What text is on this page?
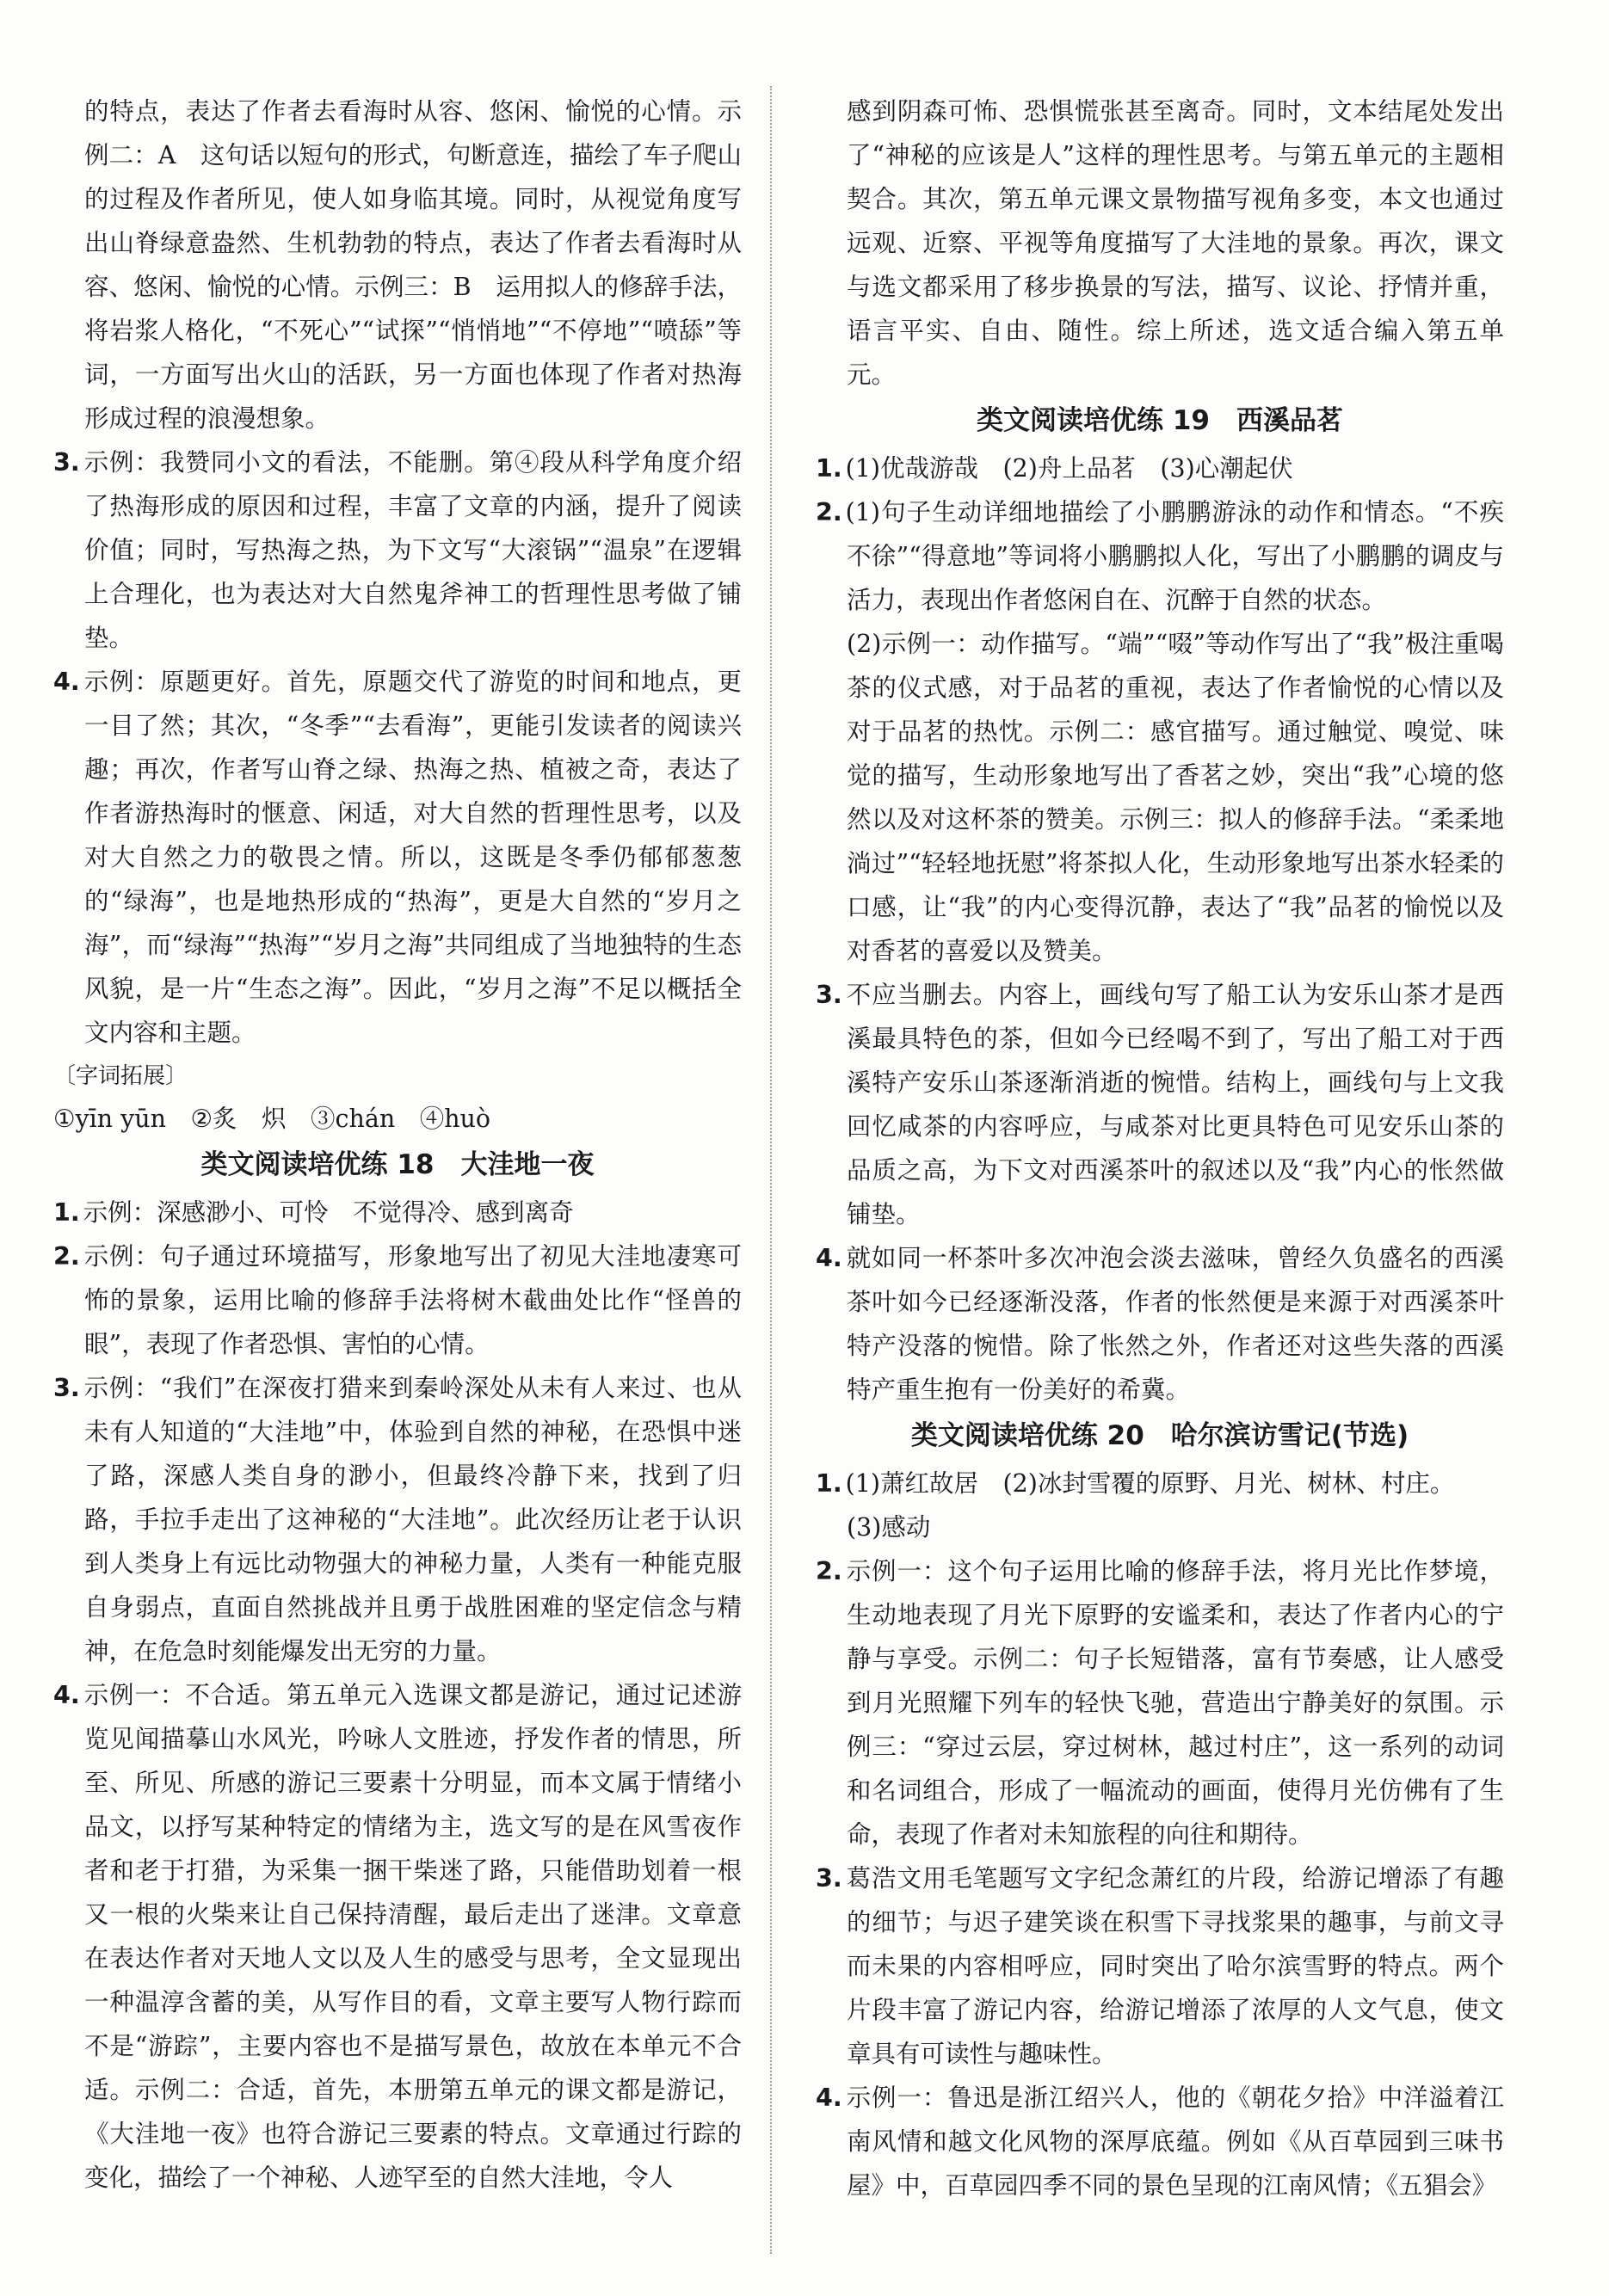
的特点，表达了作者去看海时从容、悠闲、愉悦的心情。示例二：A　这句话以短句的形式，句断意连，描绘了车子爬山的过程及作者所见，使人如身临其境。同时，从视觉角度写出山脊绿意盎然、生机勃勃的特点，表达了作者去看海时从容、悠闲、愉悦的心情。示例三：B　运用拟人的修辞手法，将岩浆人格化，“不死心”“试探”“悄悄地”“不停地”“喷舔”等词，一方面写出火山的活跃，另一方面也体现了作者对热海形成过程的浪漫想象。

3. 示例：我赞同小文的看法，不能删。第④段从科学角度介绍了热海形成的原因和过程，丰富了文章的内涵，提升了阅读价值；同时，写热海之热，为下文写“大滚锅”“温泉”在逻辑上合理化，也为表达对大自然鬼斧神工的哲理性思考做了铺垫。

4. 示例：原题更好。首先，原题交代了游览的时间和地点，更一目了然；其次，“冬季”“去看海”，更能引发读者的阅读兴趣；再次，作者写山脊之绿、热海之热、植被之奇，表达了作者游热海时的惬意、闲适，对大自然的哲理性思考，以及对大自然之力的敬畏之情。所以，这既是冬季仍郁郁葱葱的“绿海”，也是地热形成的“热海”，更是大自然的“岁月之海”，而“绿海”“热海”“岁月之海”共同组成了当地独特的生态风貌，是一片“生态之海”。因此，“岁月之海”不足以概括全文内容和主题。

〔字词拓展〕

①yīn yūn　②炙　炽　③chán　④huò

类文阅读培优练 18　大洼地一夜

1. 示例：深感渺小、可怜　不觉得冷、感到离奇

2. 示例：句子通过环境描写，形象地写出了初见大洼地凄寒可怖的景象，运用比喻的修辞手法将树木截曲处比作“怪兽的眼”，表现了作者恐惧、害怕的心情。

3. 示例：“我们”在深夜打猎来到秦岭深处从未有人来过、也从未有人知道的“大洼地”中，体验到自然的神秘，在恐惧中迷了路，深感人类自身的渺小，但最终冷静下来，找到了归路，手拉手走出了这神秘的“大洼地”。此次经历让老于认识到人类身上有远比动物强大的神秘力量，人类有一种能克服自身弱点，直面自然挑战并且勇于战胜困难的坚定信念与精神，在危急时刻能爆发出无穷的力量。

4. 示例一：不合适。第五单元入选课文都是游记，通过记述游览见闻描摹山水风光，吟咏人文胜迹，抒发作者的情思，所至、所见、所感的游记三要素十分明显，而本文属于情绪小品文，以抒写某种特定的情绪为主，选文写的是在风雪夜作者和老于打猎，为采集一捆干柴迷了路，只能借助划着一根又一根的火柴来让自己保持清醒，最后走出了迷津。文章意在表达作者对天地人文以及人生的感受与思考，全文显现出一种温淳含蓄的美，从写作目的看，文章主要写人物行踪而不是“游踪”，主要内容也不是描写景色，故放在本单元不合适。示例二：合适，首先，本册第五单元的课文都是游记，《大洼地一夜》也符合游记三要素的特点。文章通过行踪的变化，描绘了一个神秘、人迹罕至的自然大洼地，令人

感到阴森可怖、恐惧慌张甚至离奇。同时，文本结尾处发出了“神秘的应该是人”这样的理性思考。与第五单元的主题相契合。其次，第五单元课文景物描写视角多变，本文也通过远观、近察、平视等角度描写了大洼地的景象。再次，课文与选文都采用了移步换景的写法，描写、议论、抒情并重，语言平实、自由、随性。综上所述，选文适合编入第五单元。

类文阅读培优练 19　西溪品茗

1. (1)优哉游哉　(2)舟上品茗　(3)心潮起伏

2. (1)句子生动详细地描绘了小鹏鹏游泳的动作和情态。“不疾不徐”“得意地”等词将小鹏鹏拟人化，写出了小鹏鹏的调皮与活力，表现出作者悠闲自在、沉醉于自然的状态。

(2)示例一：动作描写。“端”“啜”等动作写出了“我”极注重喝茶的仪式感，对于品茗的重视，表达了作者愉悦的心情以及对于品茗的热忱。示例二：感官描写。通过触觉、嗅觉、味觉的描写，生动形象地写出了香茗之妙，突出“我”心境的悠然以及对这杯茶的赞美。示例三：拟人的修辞手法。“柔柔地淌过”“轻轻地抚慰”将茶拟人化，生动形象地写出茶水轻柔的口感，让“我”的内心变得沉静，表达了“我”品茗的愉悦以及对香茗的喜爱以及赞美。

3. 不应当删去。内容上，画线句写了船工认为安乐山茶才是西溪最具特色的茶，但如今已经喝不到了，写出了船工对于西溪特产安乐山茶逐渐消逝的惋惜。结构上，画线句与上文我回忆咸茶的内容呼应，与咸茶对比更具特色可见安乐山茶的品质之高，为下文对西溪茶叶的叙述以及“我”内心的怅然做铺垫。

4. 就如同一杯茶叶多次冲泡会淡去滋味，曾经久负盛名的西溪茶叶如今已经逐渐没落，作者的怅然便是来源于对西溪茶叶特产没落的惋惜。除了怅然之外，作者还对这些失落的西溪特产重生抱有一份美好的希冀。

类文阅读培优练 20　哈尔滨访雪记(节选)

1. (1)萧红故居　(2)冰封雪覆的原野、月光、树林、村庄。

(3)感动

2. 示例一：这个句子运用比喻的修辞手法，将月光比作梦境，生动地表现了月光下原野的安谧柔和，表达了作者内心的宁静与享受。示例二：句子长短错落，富有节奏感，让人感受到月光照耀下列车的轻快飞驰，营造出宁静美好的氛围。示例三：“穿过云层，穿过树林，越过村庄”，这一系列的动词和名词组合，形成了一幅流动的画面，使得月光仿佛有了生命，表现了作者对未知旅程的向往和期待。

3. 葛浩文用毛笔题写文字纪念萧红的片段，给游记增添了有趣的细节；与迟子建笑谈在积雪下寻找浆果的趣事，与前文寻而未果的内容相呼应，同时突出了哈尔滨雪野的特点。两个片段丰富了游记内容，给游记增添了浓厚的人文气息，使文章具有可读性与趣味性。

4. 示例一：鲁迅是浙江绍兴人，他的《朝花夕拾》中洋溢着江南风情和越文化风物的深厚底蕴。例如《从百草园到三味书屋》中，百草园四季不同的景色呈现的江南风情；《五猖会》
